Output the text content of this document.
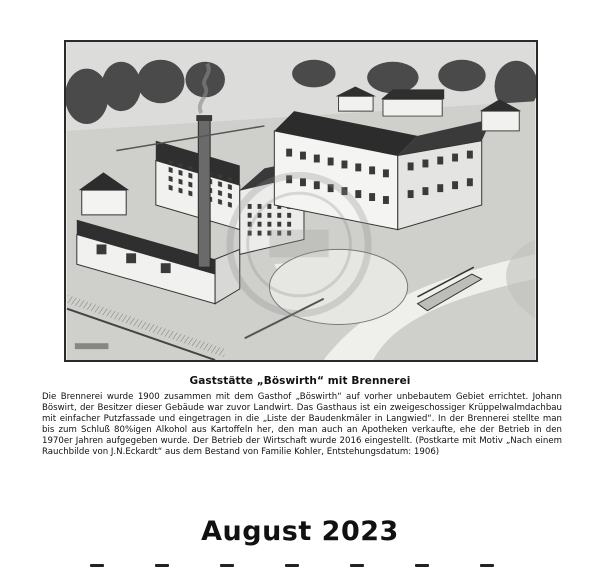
Gaststätte „Böswirth“ mit Brennerei
Die Brennerei wurde 1900 zusammen mit dem Gasthof „Böswirth“ auf vorher unbebautem Gebiet errichtet. Johann Böswirt, der Besitzer dieser Gebäude war zuvor Landwirt. Das Gasthaus ist ein zweigeschossiger Krüppelwalmdachbau mit einfacher Putzfassade und eingetragen in die „Liste der Baudenkmäler in Langwied“. In der Brennerei stellte man bis zum Schluß 80%igen Alkohol aus Kartoffeln her, den man auch an Apotheken verkaufte, ehe der Betrieb in den 1970er Jahren aufgegeben wurde. Der Betrieb der Wirtschaft wurde 2016 eingestellt. (Postkarte mit Motiv „Nach einem Rauchbilde von J.N.Eckardt“ aus dem Bestand von Familie Kohler, Entstehungsdatum: 1906)
August 2023
